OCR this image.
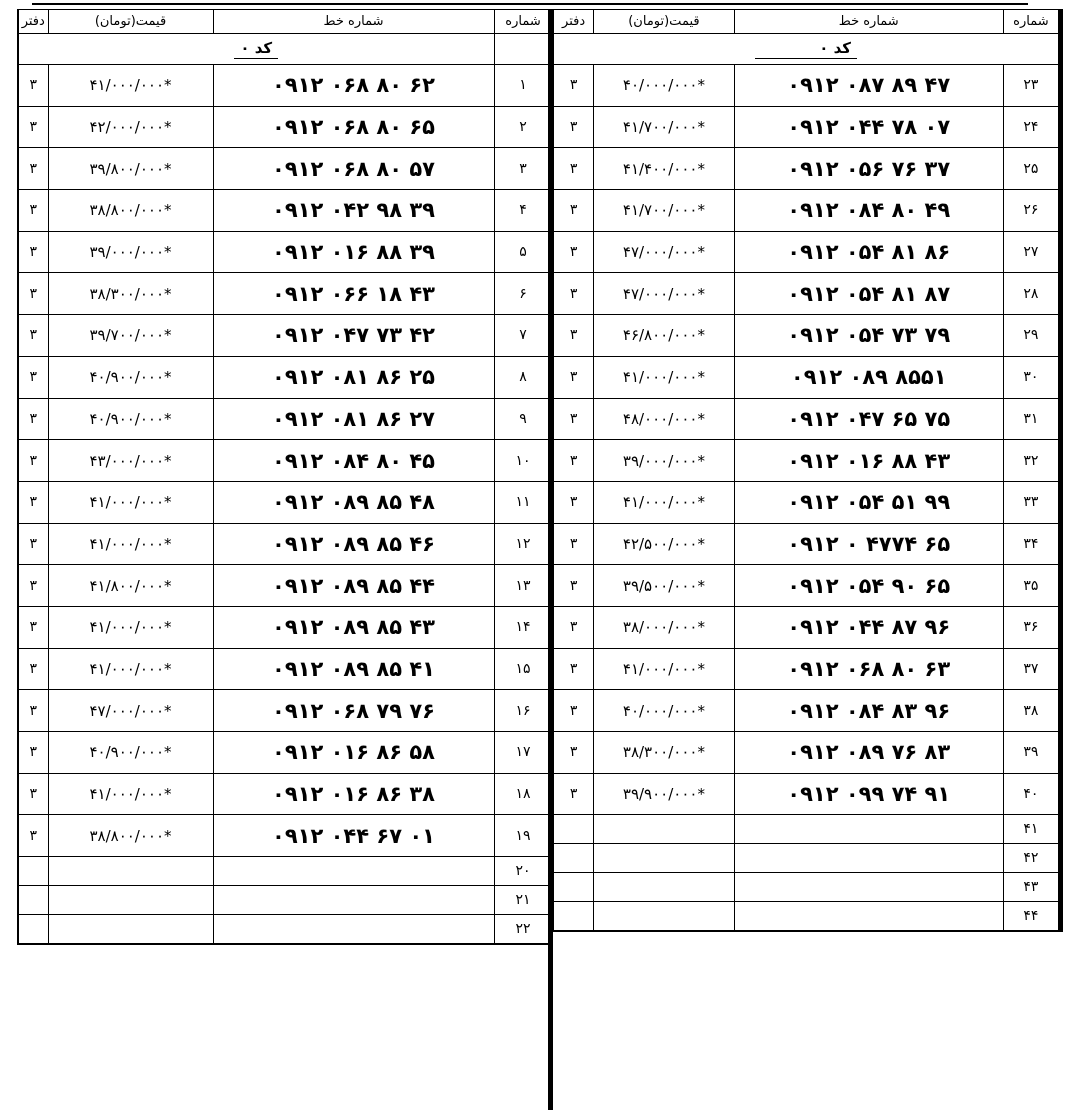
دفتر	قیمت(تومان)	شماره خط	شماره
کد ۰			
۳	۴۱/۰۰۰/۰۰۰*	۰۹۱۲ ۰۶۸ ۸۰ ۶۲	۱
۳	۴۲/۰۰۰/۰۰۰*	۰۹۱۲ ۰۶۸ ۸۰ ۶۵	۲
۳	۳۹/۸۰۰/۰۰۰*	۰۹۱۲ ۰۶۸ ۸۰ ۵۷	۳
۳	۳۸/۸۰۰/۰۰۰*	۰۹۱۲ ۰۴۲ ۹۸ ۳۹	۴
۳	۳۹/۰۰۰/۰۰۰*	۰۹۱۲ ۰۱۶ ۸۸ ۳۹	۵
۳	۳۸/۳۰۰/۰۰۰*	۰۹۱۲ ۰۶۶ ۱۸ ۴۳	۶
۳	۳۹/۷۰۰/۰۰۰*	۰۹۱۲ ۰۴۷ ۷۳ ۴۲	۷
۳	۴۰/۹۰۰/۰۰۰*	۰۹۱۲ ۰۸۱ ۸۶ ۲۵	۸
۳	۴۰/۹۰۰/۰۰۰*	۰۹۱۲ ۰۸۱ ۸۶ ۲۷	۹
۳	۴۳/۰۰۰/۰۰۰*	۰۹۱۲ ۰۸۴ ۸۰ ۴۵	۱۰
۳	۴۱/۰۰۰/۰۰۰*	۰۹۱۲ ۰۸۹ ۸۵ ۴۸	۱۱
۳	۴۱/۰۰۰/۰۰۰*	۰۹۱۲ ۰۸۹ ۸۵ ۴۶	۱۲
۳	۴۱/۸۰۰/۰۰۰*	۰۹۱۲ ۰۸۹ ۸۵ ۴۴	۱۳
۳	۴۱/۰۰۰/۰۰۰*	۰۹۱۲ ۰۸۹ ۸۵ ۴۳	۱۴
۳	۴۱/۰۰۰/۰۰۰*	۰۹۱۲ ۰۸۹ ۸۵ ۴۱	۱۵
۳	۴۷/۰۰۰/۰۰۰*	۰۹۱۲ ۰۶۸ ۷۹ ۷۶	۱۶
۳	۴۰/۹۰۰/۰۰۰*	۰۹۱۲ ۰۱۶ ۸۶ ۵۸	۱۷
۳	۴۱/۰۰۰/۰۰۰*	۰۹۱۲ ۰۱۶ ۸۶ ۳۸	۱۸
۳	۳۸/۸۰۰/۰۰۰*	۰۹۱۲ ۰۴۴ ۶۷ ۰۱	۱۹
			۲۰
			۲۱
			۲۲
دفتر	قیمت(تومان)	شماره خط	شماره
کد ۰			
۳	۴۰/۰۰۰/۰۰۰*	۰۹۱۲ ۰۸۷ ۸۹ ۴۷	۲۳
۳	۴۱/۷۰۰/۰۰۰*	۰۹۱۲ ۰۴۴ ۷۸ ۰۷	۲۴
۳	۴۱/۴۰۰/۰۰۰*	۰۹۱۲ ۰۵۶ ۷۶ ۳۷	۲۵
۳	۴۱/۷۰۰/۰۰۰*	۰۹۱۲ ۰۸۴ ۸۰ ۴۹	۲۶
۳	۴۷/۰۰۰/۰۰۰*	۰۹۱۲ ۰۵۴ ۸۱ ۸۶	۲۷
۳	۴۷/۰۰۰/۰۰۰*	۰۹۱۲ ۰۵۴ ۸۱ ۸۷	۲۸
۳	۴۶/۸۰۰/۰۰۰*	۰۹۱۲ ۰۵۴ ۷۳ ۷۹	۲۹
۳	۴۱/۰۰۰/۰۰۰*	۰۹۱۲ ۰۸۹ ۸۵۵۱	۳۰
۳	۴۸/۰۰۰/۰۰۰*	۰۹۱۲ ۰۴۷ ۶۵ ۷۵	۳۱
۳	۳۹/۰۰۰/۰۰۰*	۰۹۱۲ ۰۱۶ ۸۸ ۴۳	۳۲
۳	۴۱/۰۰۰/۰۰۰*	۰۹۱۲ ۰۵۴ ۵۱ ۹۹	۳۳
۳	۴۲/۵۰۰/۰۰۰*	۰۹۱۲ ۰ ۴۷۷۴ ۶۵	۳۴
۳	۳۹/۵۰۰/۰۰۰*	۰۹۱۲ ۰۵۴ ۹۰ ۶۵	۳۵
۳	۳۸/۰۰۰/۰۰۰*	۰۹۱۲ ۰۴۴ ۸۷ ۹۶	۳۶
۳	۴۱/۰۰۰/۰۰۰*	۰۹۱۲ ۰۶۸ ۸۰ ۶۳	۳۷
۳	۴۰/۰۰۰/۰۰۰*	۰۹۱۲ ۰۸۴ ۸۳ ۹۶	۳۸
۳	۳۸/۳۰۰/۰۰۰*	۰۹۱۲ ۰۸۹ ۷۶ ۸۳	۳۹
۳	۳۹/۹۰۰/۰۰۰*	۰۹۱۲ ۰۹۹ ۷۴ ۹۱	۴۰
			۴۱
			۴۲
			۴۳
			۴۴
